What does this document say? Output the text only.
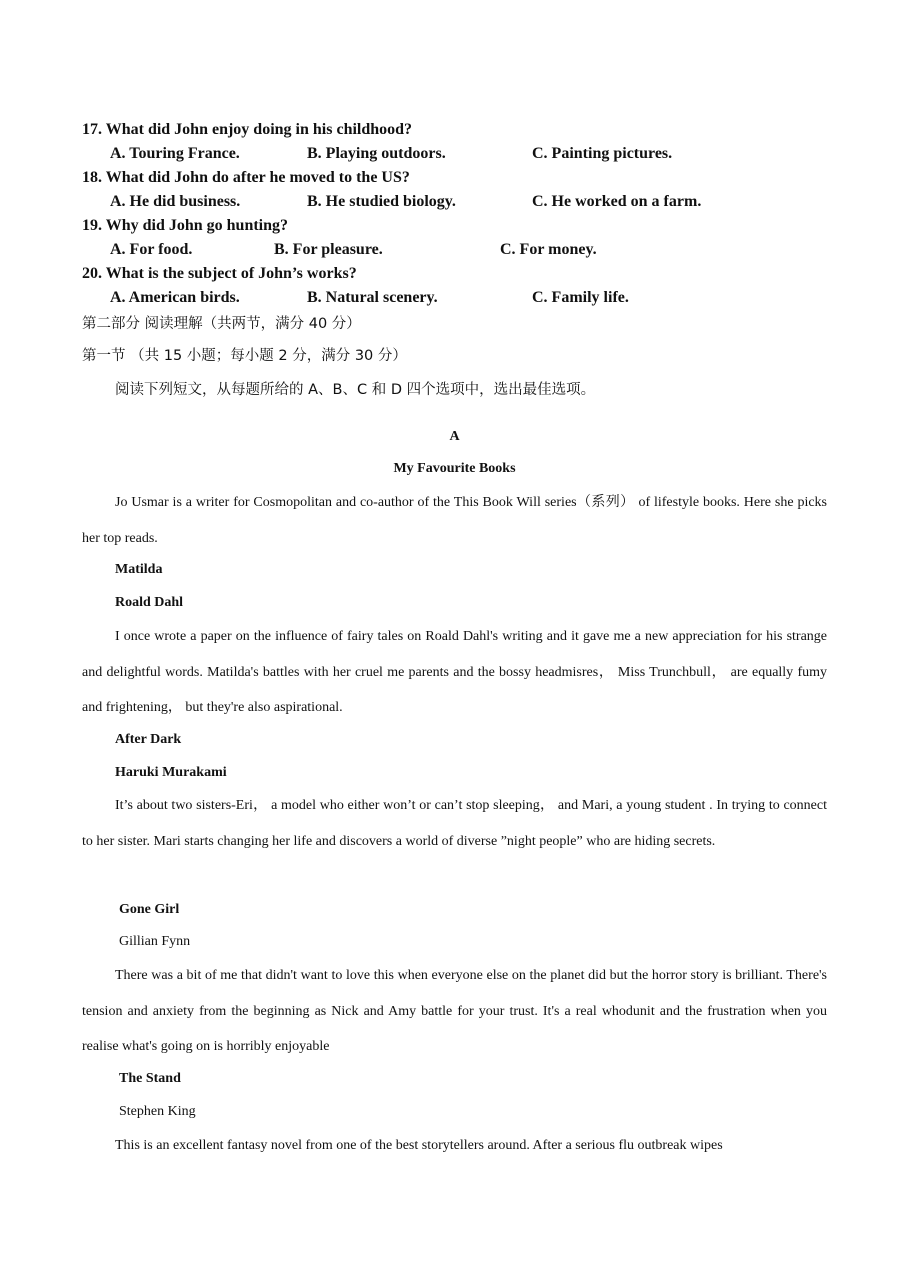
17. What did John enjoy doing in his childhood?
A. Touring France.	B. Playing outdoors.	C. Painting pictures.
18. What did John do after he moved to the US?
A. He did business.	B. He studied biology.	C. He worked on a farm.
19. Why did John go hunting?
A. For food.	B. For pleasure.	C. For money.
20. What is the subject of John’s works?
A. American birds.	B. Natural scenery.	C. Family life.
第二部分 阅读理解（共两节，满分 40 分）
第一节 （共 15 小题；每小题 2 分，满分 30 分）
阅读下列短文，从每题所给的 A、B、C 和 D 四个选项中，选出最佳选项。
A
My Favourite Books

Jo Usmar is a writer for Cosmopolitan and co-author of the This Book Will series（系列） of lifestyle books. Here she picks her top reads.

Matilda
Roald Dahl

I once wrote a paper on the influence of fairy tales on Roald Dahl's writing and it gave me a new appreciation for his strange and delightful words. Matilda's battles with her cruel me parents and the bossy headmisres， Miss Trunchbull， are equally fumy and frightening， but they're also aspirational.

After Dark
Haruki Murakami

It’s about two sisters-Eri， a model who either won’t or can’t stop sleeping， and Mari, a young student . In trying to connect to her sister. Mari starts changing her life and discovers a world of diverse ”night people” who are hiding secrets.

Gone Girl
Gillian Fynn

There was a bit of me that didn't want to love this when everyone else on the planet did but the horror story is brilliant. There's tension and anxiety from the beginning as Nick and Amy battle for your trust. It's a real whodunit and the frustration when you realise what's going on is horribly enjoyable

The Stand
Stephen King

This is an excellent fantasy novel from one of the best storytellers around. After a serious flu outbreak wipes
